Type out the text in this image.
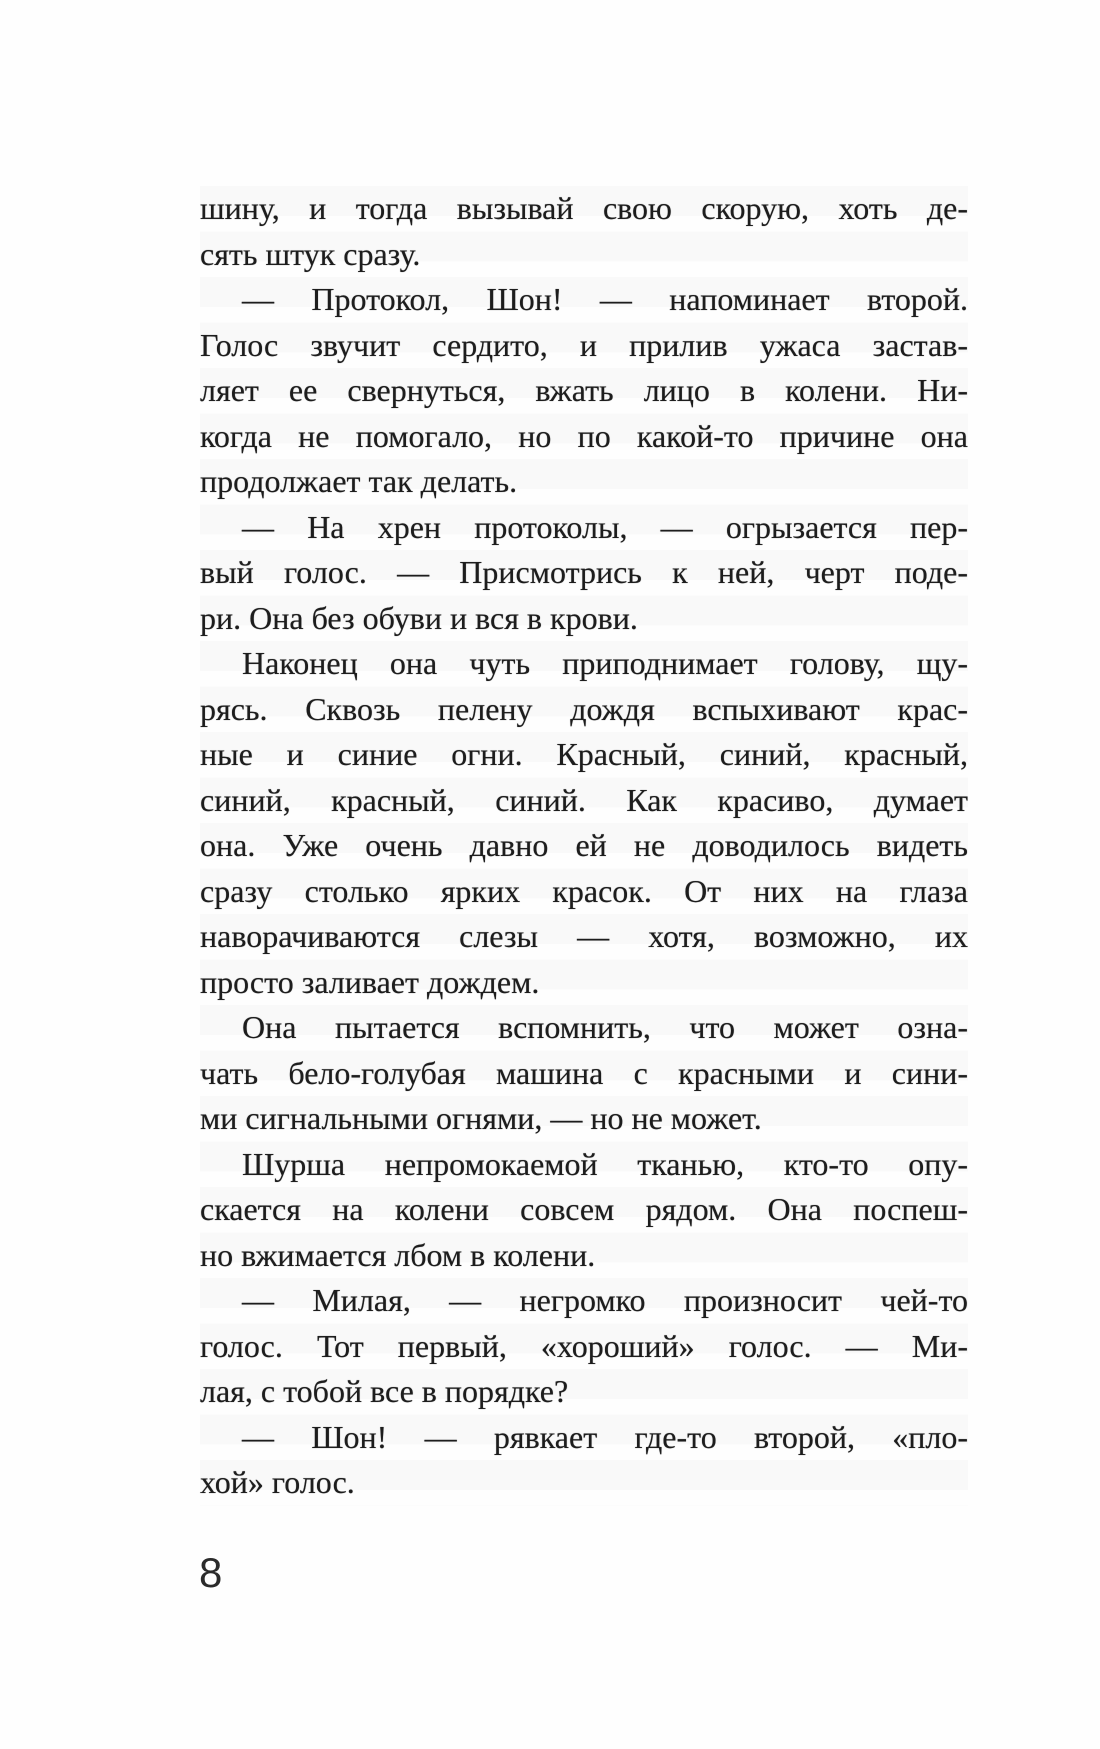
шину, и тогда вызывай свою скорую, хоть де-
сять штук сразу.
— Протокол, Шон! — напоминает второй.
Голос звучит сердито, и прилив ужаса застав-
ляет ее свернуться, вжать лицо в колени. Ни-
когда не помогало, но по какой-то причине она
продолжает так делать.
— На хрен протоколы, — огрызается пер-
вый голос. — Присмотрись к ней, черт поде-
ри. Она без обуви и вся в крови.
Наконец она чуть приподнимает голову, щу-
рясь. Сквозь пелену дождя вспыхивают крас-
ные и синие огни. Красный, синий, красный,
синий, красный, синий. Как красиво, думает
она. Уже очень давно ей не доводилось видеть
сразу столько ярких красок. От них на глаза
наворачиваются слезы — хотя, возможно, их
просто заливает дождем.
Она пытается вспомнить, что может озна-
чать бело-голубая машина с красными и сини-
ми сигнальными огнями, — но не может.
Шурша непромокаемой тканью, кто-то опу-
скается на колени совсем рядом. Она поспеш-
но вжимается лбом в колени.
— Милая, — негромко произносит чей-то
голос. Тот первый, «хороший» голос. — Ми-
лая, с тобой все в порядке?
— Шон! — рявкает где-то второй, «пло-
хой» голос.
8
